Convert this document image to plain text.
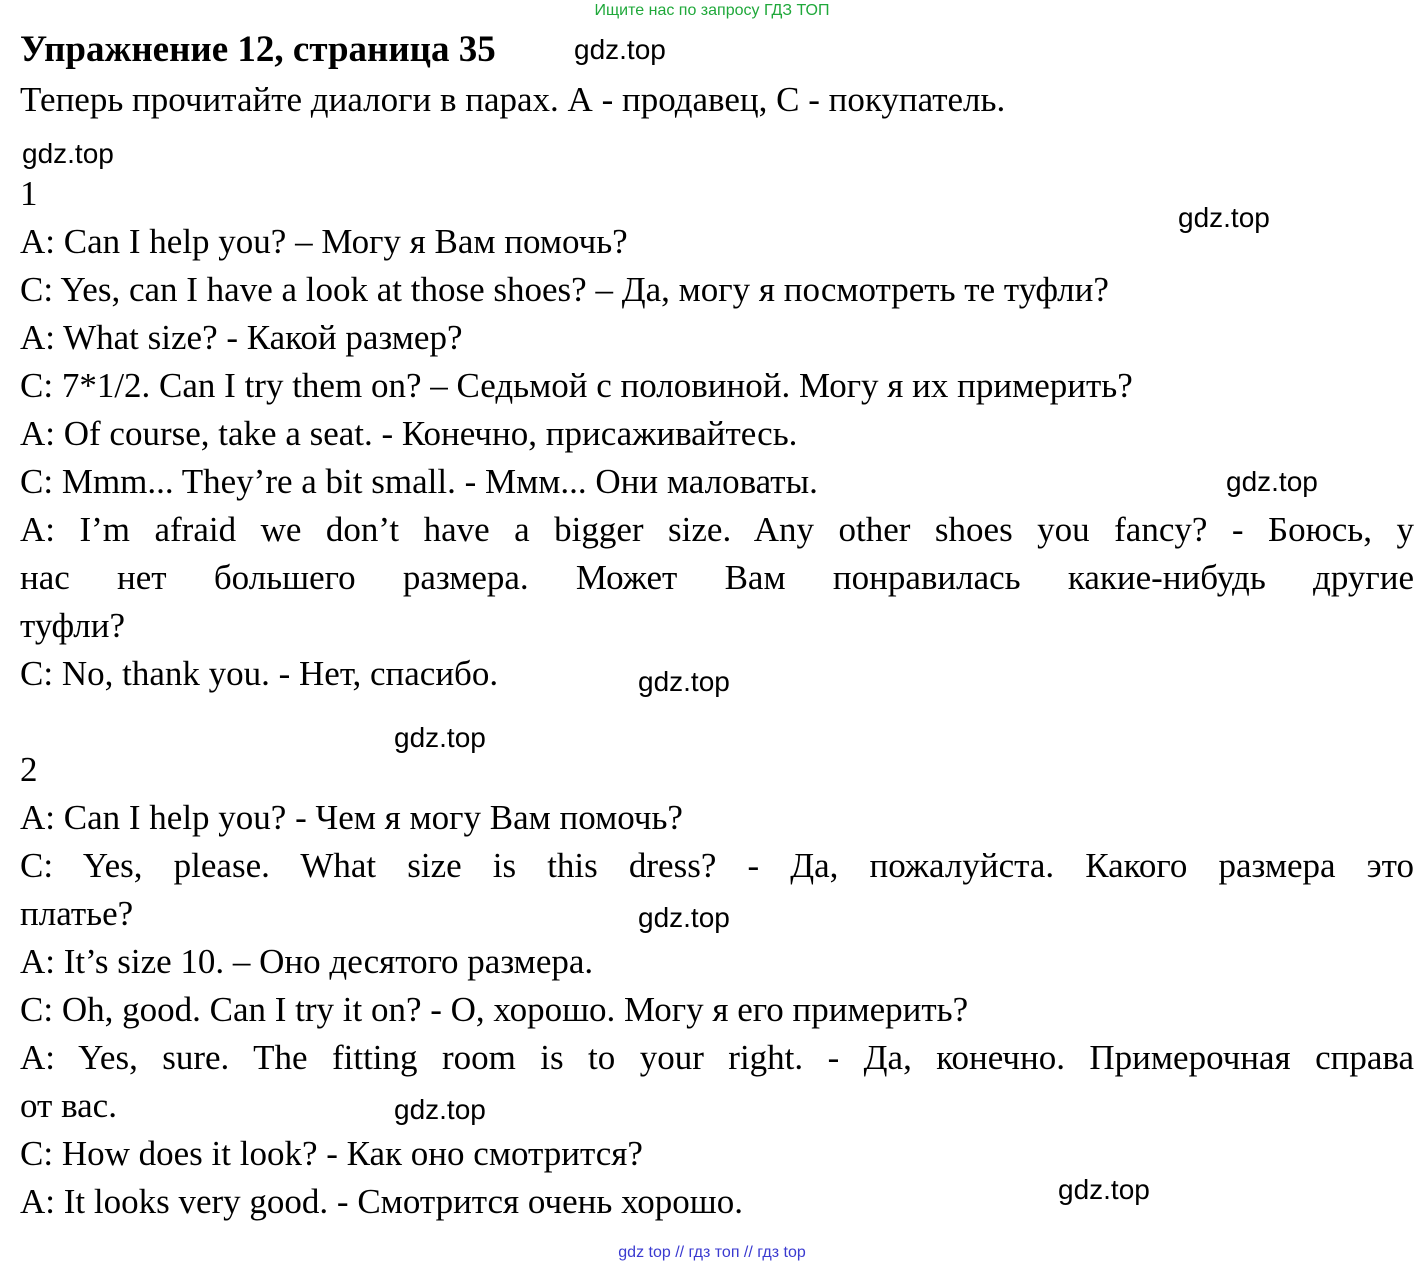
Ищите нас по запросу ГДЗ ТОП
Упражнение 12, страница 35	gdz.top
Теперь прочитайте диалоги в парах. А - продавец, С - покупатель.
gdz.top
gdz.top
gdz.top
gdz.top
gdz.top
gdz.top
gdz.top
gdz.top
1
A: Can I help you? – Могу я Вам помочь?
C: Yes, can I have a look at those shoes? – Да, могу я посмотреть те туфли?
A: What size? - Какой размер?
C: 7*1/2. Can I try them on? – Седьмой с половиной. Могу я их примерить?
A: Of course, take a seat. - Конечно, присаживайтесь.
C: Mmm... They’re a bit small. - Ммм... Они маловаты.
A: I’m afraid we don’t have a bigger size. Any other shoes you fancy? - Боюсь, у
нас нет большего размера. Может Вам понравилась какие-нибудь другие
туфли?
C: No, thank you. - Нет, спасибо.
2
A: Can I help you? - Чем я могу Вам помочь?
C: Yes, please. What size is this dress? - Да, пожалуйста. Какого размера это
платье?
A: It’s size 10. – Оно десятого размера.
C: Oh, good. Can I try it on? - О, хорошо. Могу я его примерить?
A: Yes, sure. The fitting room is to your right. - Да, конечно. Примерочная справа
от вас.
C: How does it look? - Как оно смотрится?
A: It looks very good. - Смотрится очень хорошо.
gdz top // гдз топ // гдз top
